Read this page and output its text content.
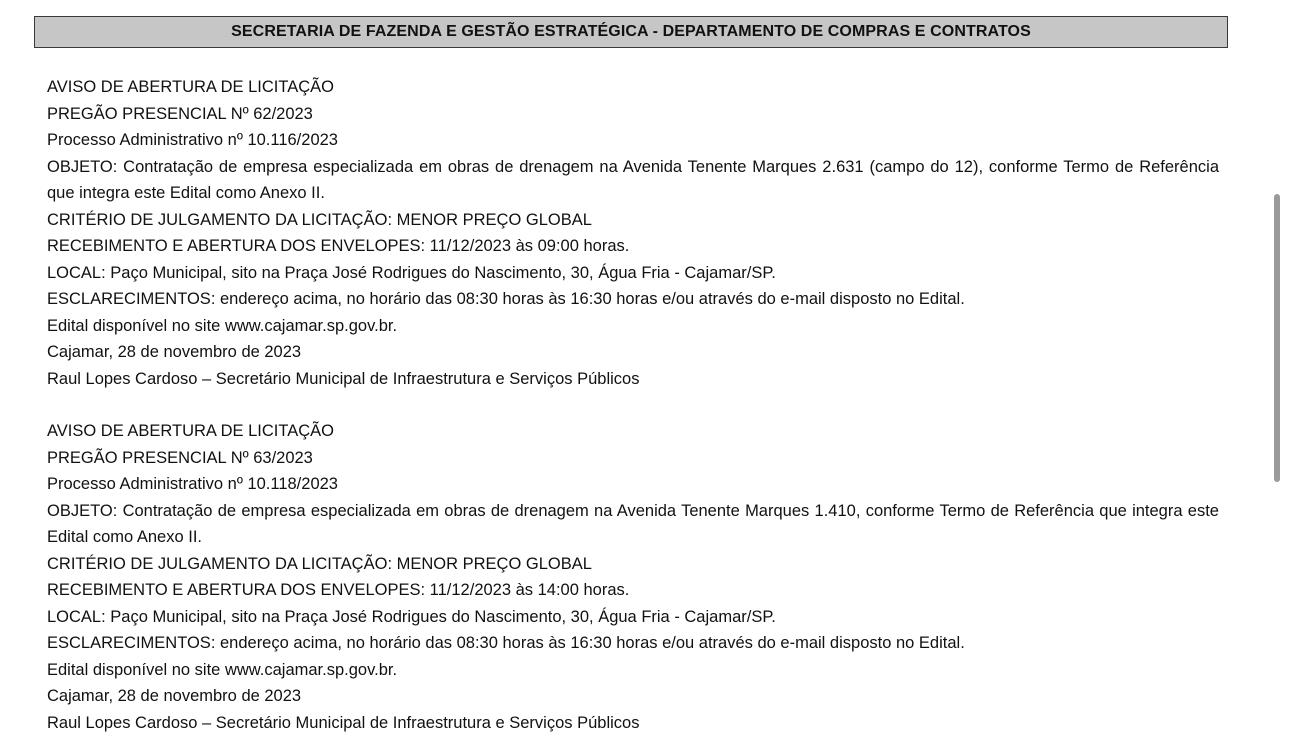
SECRETARIA DE FAZENDA E GESTÃO ESTRATÉGICA - DEPARTAMENTO DE COMPRAS E CONTRATOS
AVISO DE ABERTURA DE LICITAÇÃO
PREGÃO PRESENCIAL Nº 62/2023
Processo Administrativo nº 10.116/2023
OBJETO: Contratação de empresa especializada em obras de drenagem na Avenida Tenente Marques 2.631 (campo do 12), conforme Termo de Referência que integra este Edital como Anexo II.
CRITÉRIO DE JULGAMENTO DA LICITAÇÃO: MENOR PREÇO GLOBAL
RECEBIMENTO E ABERTURA DOS ENVELOPES: 11/12/2023 às 09:00 horas.
LOCAL: Paço Municipal, sito na Praça José Rodrigues do Nascimento, 30, Água Fria - Cajamar/SP.
ESCLARECIMENTOS: endereço acima, no horário das 08:30 horas às 16:30 horas e/ou através do e-mail disposto no Edital.
Edital disponível no site www.cajamar.sp.gov.br.
Cajamar, 28 de novembro de 2023
Raul Lopes Cardoso – Secretário Municipal de Infraestrutura e Serviços Públicos
AVISO DE ABERTURA DE LICITAÇÃO
PREGÃO PRESENCIAL Nº 63/2023
Processo Administrativo nº 10.118/2023
OBJETO: Contratação de empresa especializada em obras de drenagem na Avenida Tenente Marques 1.410, conforme Termo de Referência que integra este Edital como Anexo II.
CRITÉRIO DE JULGAMENTO DA LICITAÇÃO: MENOR PREÇO GLOBAL
RECEBIMENTO E ABERTURA DOS ENVELOPES: 11/12/2023 às 14:00 horas.
LOCAL: Paço Municipal, sito na Praça José Rodrigues do Nascimento, 30, Água Fria - Cajamar/SP.
ESCLARECIMENTOS: endereço acima, no horário das 08:30 horas às 16:30 horas e/ou através do e-mail disposto no Edital.
Edital disponível no site www.cajamar.sp.gov.br.
Cajamar, 28 de novembro de 2023
Raul Lopes Cardoso – Secretário Municipal de Infraestrutura e Serviços Públicos
